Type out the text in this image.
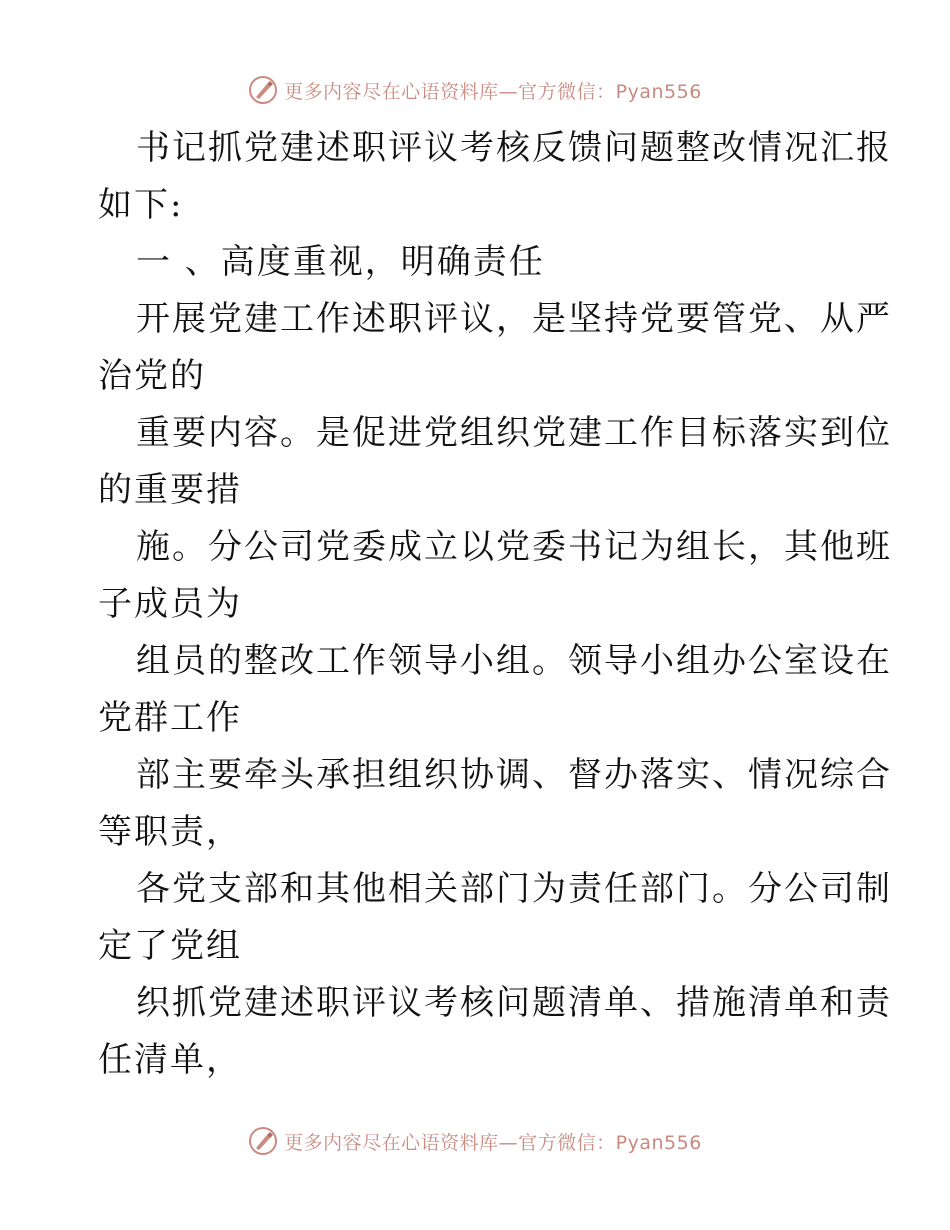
更多内容尽在心语资料库—官方微信：Pyan556
书记抓党建述职评议考核反馈问题整改情况汇报
如下:
一 、高度重视，明确责任
开展党建工作述职评议，是坚持党要管党、从严
治党的
重要内容。是促进党组织党建工作目标落实到位
的重要措
施。分公司党委成立以党委书记为组长，其他班
子成员为
组员的整改工作领导小组。领导小组办公室设在
党群工作
部主要牵头承担组织协调、督办落实、情况综合
等职责，
各党支部和其他相关部门为责任部门。分公司制
定了党组
织抓党建述职评议考核问题清单、措施清单和责
任清单，
更多内容尽在心语资料库—官方微信：Pyan556
